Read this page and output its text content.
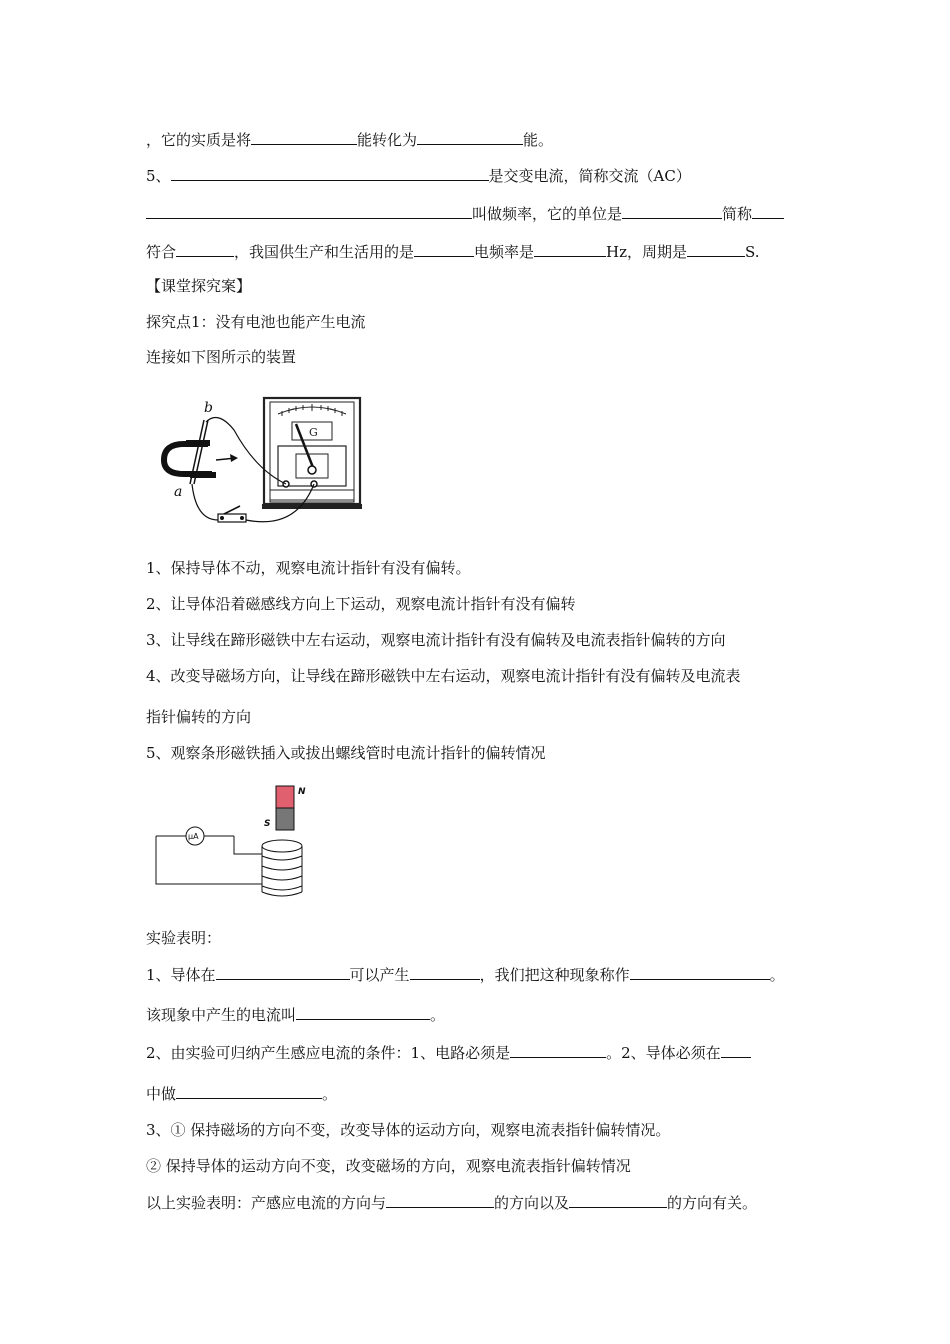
，它的实质是将	能转化为	能。
5、	是交变电流，简称交流（AC）
叫做频率，它的单位是	简称
符合	，我国供生产和生活用的是	电频率是	Hz，周期是	S.
【课堂探究案】
探究点1：没有电池也能产生电流
连接如下图所示的装置
G
b
a
1、保持导体不动，观察电流计指针有没有偏转。
2、让导体沿着磁感线方向上下运动，观察电流计指针有没有偏转
3、让导线在蹄形磁铁中左右运动，观察电流计指针有没有偏转及电流表指针偏转的方向
4、改变导磁场方向，让导线在蹄形磁铁中左右运动，观察电流计指针有没有偏转及电流表
指针偏转的方向
5、观察条形磁铁插入或拔出螺线管时电流计指针的偏转情况
N
S
μA
实验表明：
1、导体在	可以产生	，我们把这种现象称作	。
该现象中产生的电流叫	。
2、由实验可归纳产生感应电流的条件：1、电路必须是	。2、导体必须在
中做	。
3、① 保持磁场的方向不变，改变导体的运动方向，观察电流表指针偏转情况。
② 保持导体的运动方向不变，改变磁场的方向，观察电流表指针偏转情况
以上实验表明：产感应电流的方向与	的方向以及	的方向有关。
